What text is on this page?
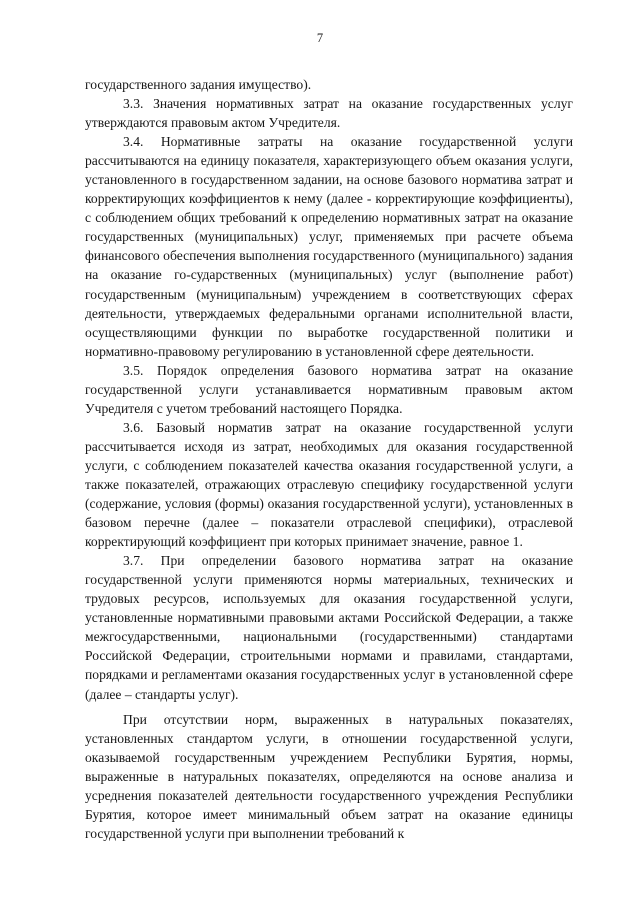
7

государственного задания имущество).

3.3. Значения нормативных затрат на оказание государственных услуг утверждаются правовым актом Учредителя.

3.4. Нормативные затраты на оказание государственной услуги рассчитываются на единицу показателя, характеризующего объем оказания услуги, установленного в государственном задании, на основе базового норматива затрат и корректирующих коэффициентов к нему (далее - корректирующие коэффициенты), с соблюдением общих требований к определению нормативных затрат на оказание государственных (муниципальных) услуг, применяемых при расчете объема финансового обеспечения выполнения государственного (муниципального) задания на оказание го-сударственных (муниципальных) услуг (выполнение работ) государственным (муниципальным) учреждением в соответствующих сферах деятельности, утверждаемых федеральными органами исполнительной власти, осуществляющими функции по выработке государственной политики и нормативно-правовому регулированию в установленной сфере деятельности.

3.5. Порядок определения базового норматива затрат на оказание государственной услуги устанавливается нормативным правовым актом Учредителя с учетом требований настоящего Порядка.

3.6. Базовый норматив затрат на оказание государственной услуги рассчитывается исходя из затрат, необходимых для оказания государственной услуги, с соблюдением показателей качества оказания государственной услуги, а также показателей, отражающих отраслевую специфику государственной услуги (содержание, условия (формы) оказания государственной услуги), установленных в базовом перечне (далее – показатели отраслевой специфики), отраслевой корректирующий коэффициент при которых принимает значение, равное 1.

3.7. При определении базового норматива затрат на оказание государственной услуги применяются нормы материальных, технических и трудовых ресурсов, используемых для оказания государственной услуги, установленные нормативными правовыми актами Российской Федерации, а также межгосударственными, национальными (государственными) стандартами Российской Федерации, строительными нормами и правилами, стандартами, порядками и регламентами оказания государственных услуг в установленной сфере (далее – стандарты услуг).

При отсутствии норм, выраженных в натуральных показателях, установленных стандартом услуги, в отношении государственной услуги, оказываемой государственным учреждением Республики Бурятия, нормы, выраженные в натуральных показателях, определяются на основе анализа и усреднения показателей деятельности государственного учреждения Республики Бурятия, которое имеет минимальный объем затрат на оказание единицы государственной услуги при выполнении требований к
